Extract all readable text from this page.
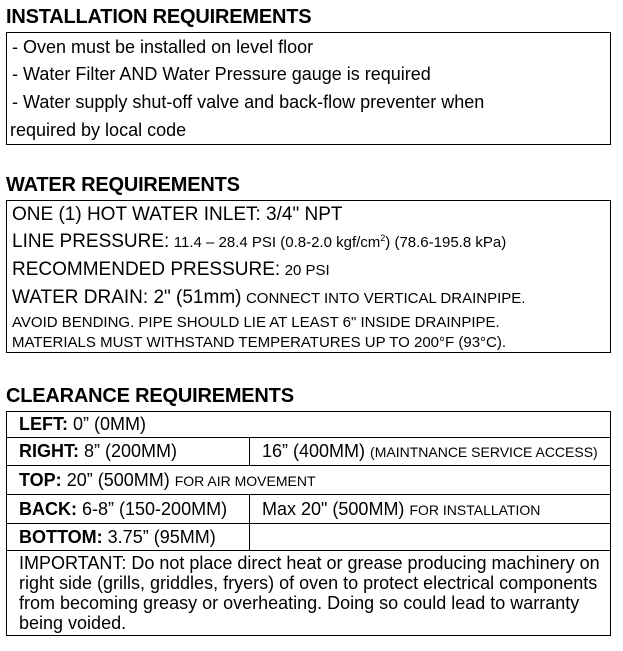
INSTALLATION REQUIREMENTS
- Oven must be installed on level floor
- Water Filter AND Water Pressure gauge is required
- Water supply shut-off valve and back-flow preventer when
required by local code
WATER REQUIREMENTS
ONE (1) HOT WATER INLET: 3/4" NPT
LINE PRESSURE: 11.4 – 28.4 PSI (0.8-2.0 kgf/$cm^2$) (78.6-195.8 kPa)
RECOMMENDED PRESSURE: 20 PSI
WATER DRAIN: 2" (51mm) CONNECT INTO VERTICAL DRAINPIPE.
AVOID BENDING. PIPE SHOULD LIE AT LEAST 6" INSIDE DRAINPIPE.
MATERIALS MUST WITHSTAND TEMPERATURES UP TO 200°F (93°C).
CLEARANCE REQUIREMENTS
LEFT: 0” (0MM)	
RIGHT: 8” (200MM)	16” (400MM) (MAINTNANCE SERVICE ACCESS)
TOP: 20” (500MM) FOR AIR MOVEMENT	
BACK: 6-8” (150-200MM)	Max 20" (500MM) FOR INSTALLATION
BOTTOM: 3.75” (95MM)	
IMPORTANT: Do not place direct heat or grease producing machinery on right side (grills, griddles, fryers) of oven to protect electrical components from becoming greasy or overheating. Doing so could lead to warranty being voided.	
